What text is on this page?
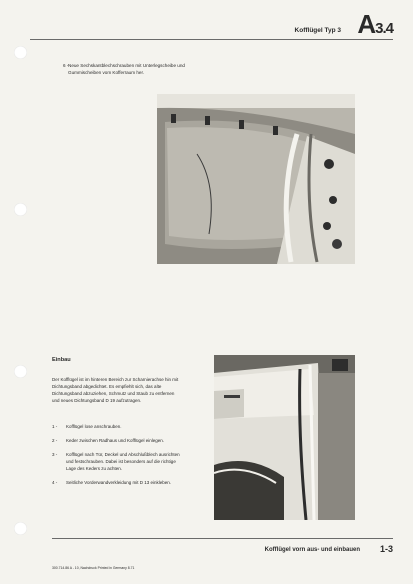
Kofflügel Typ 3 A3.4
6 - Neue Sechskantblechschrauben mit Unterlegscheibe und Gummischeiben vom Kofferraum her.
Einbau
Der Kofflügel ist im hinteren Bereich zur Scharnierachse hin mit Dichtungsband abgedichtet. Es empfiehlt sich, das alte Dichtungsband abzuziehen, Schmutz und Staub zu entfernen und neues Dichtungsband D 19 aufzutragen.
1 - Kofflügel lose anschrauben.
2 - Keder zwischen Radhaus und Kofflügel einlegen.
3 - Kofflügel nach Tür, Deckel und Abschlußblech ausrichten und festschrauben. Dabei ist besonders auf die richtige Lage des Keders zu achten.
4 - Seitliche Vorderwandverkleidung mit D 13 einkleben.
Kofflügel vorn aus- und einbauen 1-3
300.714.86 A - 10, Nachdruck Printed in Germany 8.71
